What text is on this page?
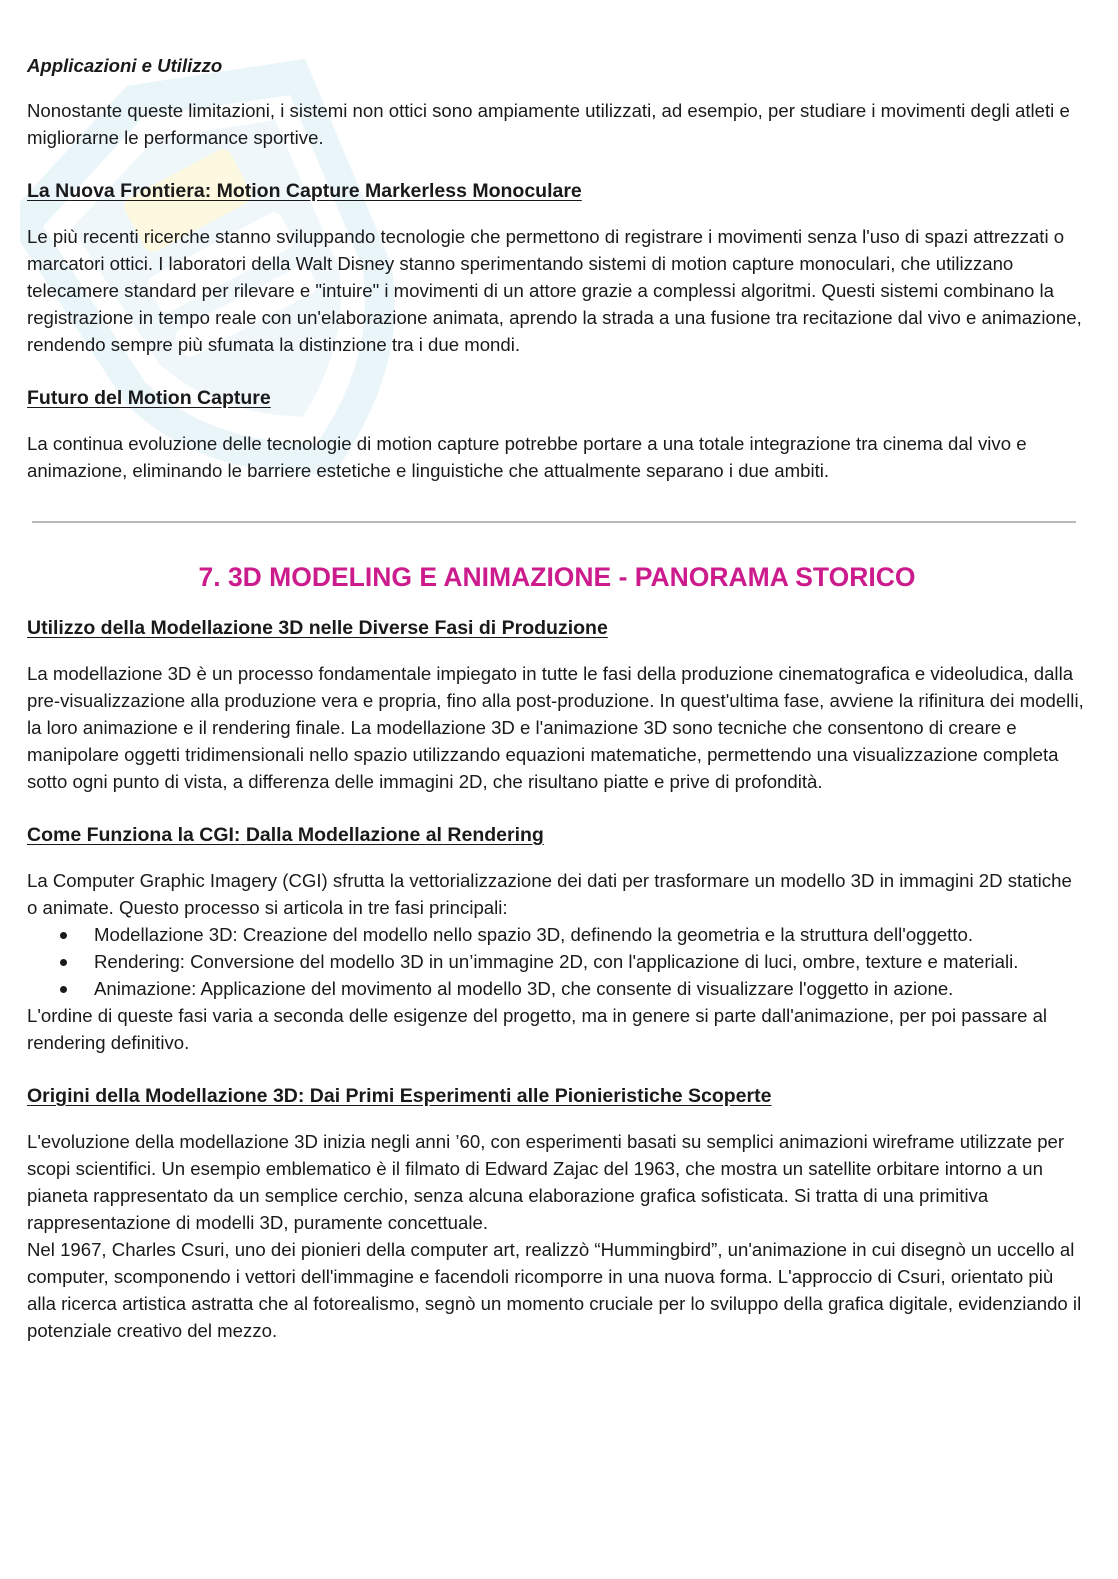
Applicazioni e Utilizzo

Nonostante queste limitazioni, i sistemi non ottici sono ampiamente utilizzati, ad esempio, per studiare i movimenti degli atleti e migliorarne le performance sportive.

La Nuova Frontiera: Motion Capture Markerless Monoculare

Le più recenti ricerche stanno sviluppando tecnologie che permettono di registrare i movimenti senza l'uso di spazi attrezzati o marcatori ottici. I laboratori della Walt Disney stanno sperimentando sistemi di motion capture monoculari, che utilizzano telecamere standard per rilevare e "intuire" i movimenti di un attore grazie a complessi algoritmi. Questi sistemi combinano la registrazione in tempo reale con un'elaborazione animata, aprendo la strada a una fusione tra recitazione dal vivo e animazione, rendendo sempre più sfumata la distinzione tra i due mondi.

Futuro del Motion Capture

La continua evoluzione delle tecnologie di motion capture potrebbe portare a una totale integrazione tra cinema dal vivo e animazione, eliminando le barriere estetiche e linguistiche che attualmente separano i due ambiti.

7. 3D MODELING E ANIMAZIONE - PANORAMA STORICO

Utilizzo della Modellazione 3D nelle Diverse Fasi di Produzione

La modellazione 3D è un processo fondamentale impiegato in tutte le fasi della produzione cinematografica e videoludica, dalla pre-visualizzazione alla produzione vera e propria, fino alla post-produzione. In quest'ultima fase, avviene la rifinitura dei modelli, la loro animazione e il rendering finale. La modellazione 3D e l'animazione 3D sono tecniche che consentono di creare e manipolare oggetti tridimensionali nello spazio utilizzando equazioni matematiche, permettendo una visualizzazione completa sotto ogni punto di vista, a differenza delle immagini 2D, che risultano piatte e prive di profondità.

Come Funziona la CGI: Dalla Modellazione al Rendering

La Computer Graphic Imagery (CGI) sfrutta la vettorializzazione dei dati per trasformare un modello 3D in immagini 2D statiche o animate. Questo processo si articola in tre fasi principali:

Modellazione 3D: Creazione del modello nello spazio 3D, definendo la geometria e la struttura dell'oggetto.
Rendering: Conversione del modello 3D in un’immagine 2D, con l'applicazione di luci, ombre, texture e materiali.
Animazione: Applicazione del movimento al modello 3D, che consente di visualizzare l'oggetto in azione.

L'ordine di queste fasi varia a seconda delle esigenze del progetto, ma in genere si parte dall'animazione, per poi passare al rendering definitivo.

Origini della Modellazione 3D: Dai Primi Esperimenti alle Pionieristiche Scoperte

L'evoluzione della modellazione 3D inizia negli anni ’60, con esperimenti basati su semplici animazioni wireframe utilizzate per scopi scientifici. Un esempio emblematico è il filmato di Edward Zajac del 1963, che mostra un satellite orbitare intorno a un pianeta rappresentato da un semplice cerchio, senza alcuna elaborazione grafica sofisticata. Si tratta di una primitiva rappresentazione di modelli 3D, puramente concettuale.

Nel 1967, Charles Csuri, uno dei pionieri della computer art, realizzò “Hummingbird”, un'animazione in cui disegnò un uccello al computer, scomponendo i vettori dell'immagine e facendoli ricomporre in una nuova forma. L'approccio di Csuri, orientato più alla ricerca artistica astratta che al fotorealismo, segnò un momento cruciale per lo sviluppo della grafica digitale, evidenziando il potenziale creativo del mezzo.
